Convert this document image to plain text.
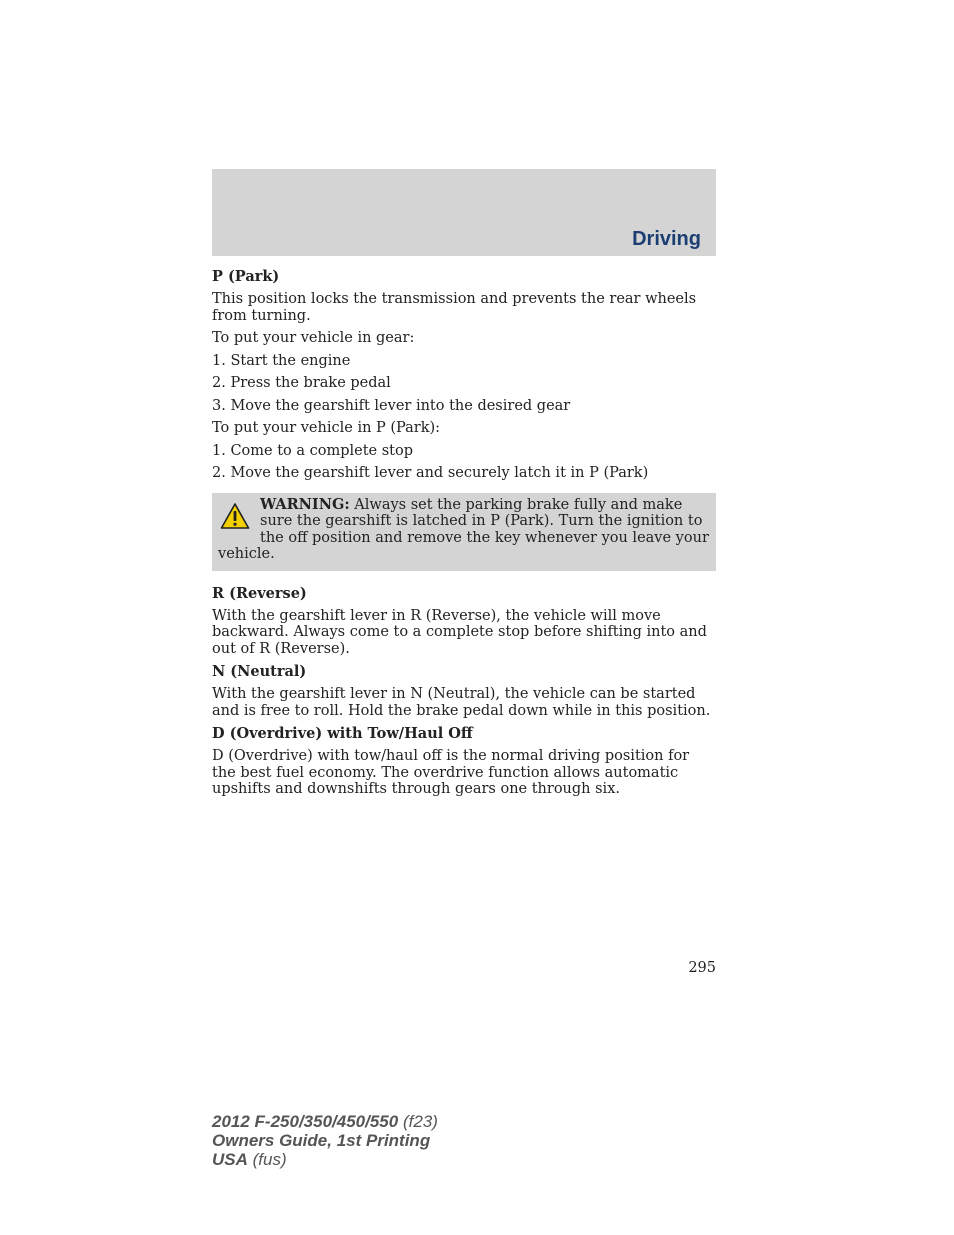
Driving
P (Park)

This position locks the transmission and prevents the rear wheels from turning.

To put your vehicle in gear:

1. Start the engine

2. Press the brake pedal

3. Move the gearshift lever into the desired gear

To put your vehicle in P (Park):

1. Come to a complete stop

2. Move the gearshift lever and securely latch it in P (Park)

WARNING: Always set the parking brake fully and make sure the gearshift is latched in P (Park). Turn the ignition to the off position and remove the key whenever you leave your vehicle.
R (Reverse)

With the gearshift lever in R (Reverse), the vehicle will move backward. Always come to a complete stop before shifting into and out of R (Reverse).

N (Neutral)

With the gearshift lever in N (Neutral), the vehicle can be started and is free to roll. Hold the brake pedal down while in this position.

D (Overdrive) with Tow/Haul Off

D (Overdrive) with tow/haul off is the normal driving position for the best fuel economy. The overdrive function allows automatic upshifts and downshifts through gears one through six.

295
2012 F-250/350/450/550 (f23)
Owners Guide, 1st Printing
USA (fus)
